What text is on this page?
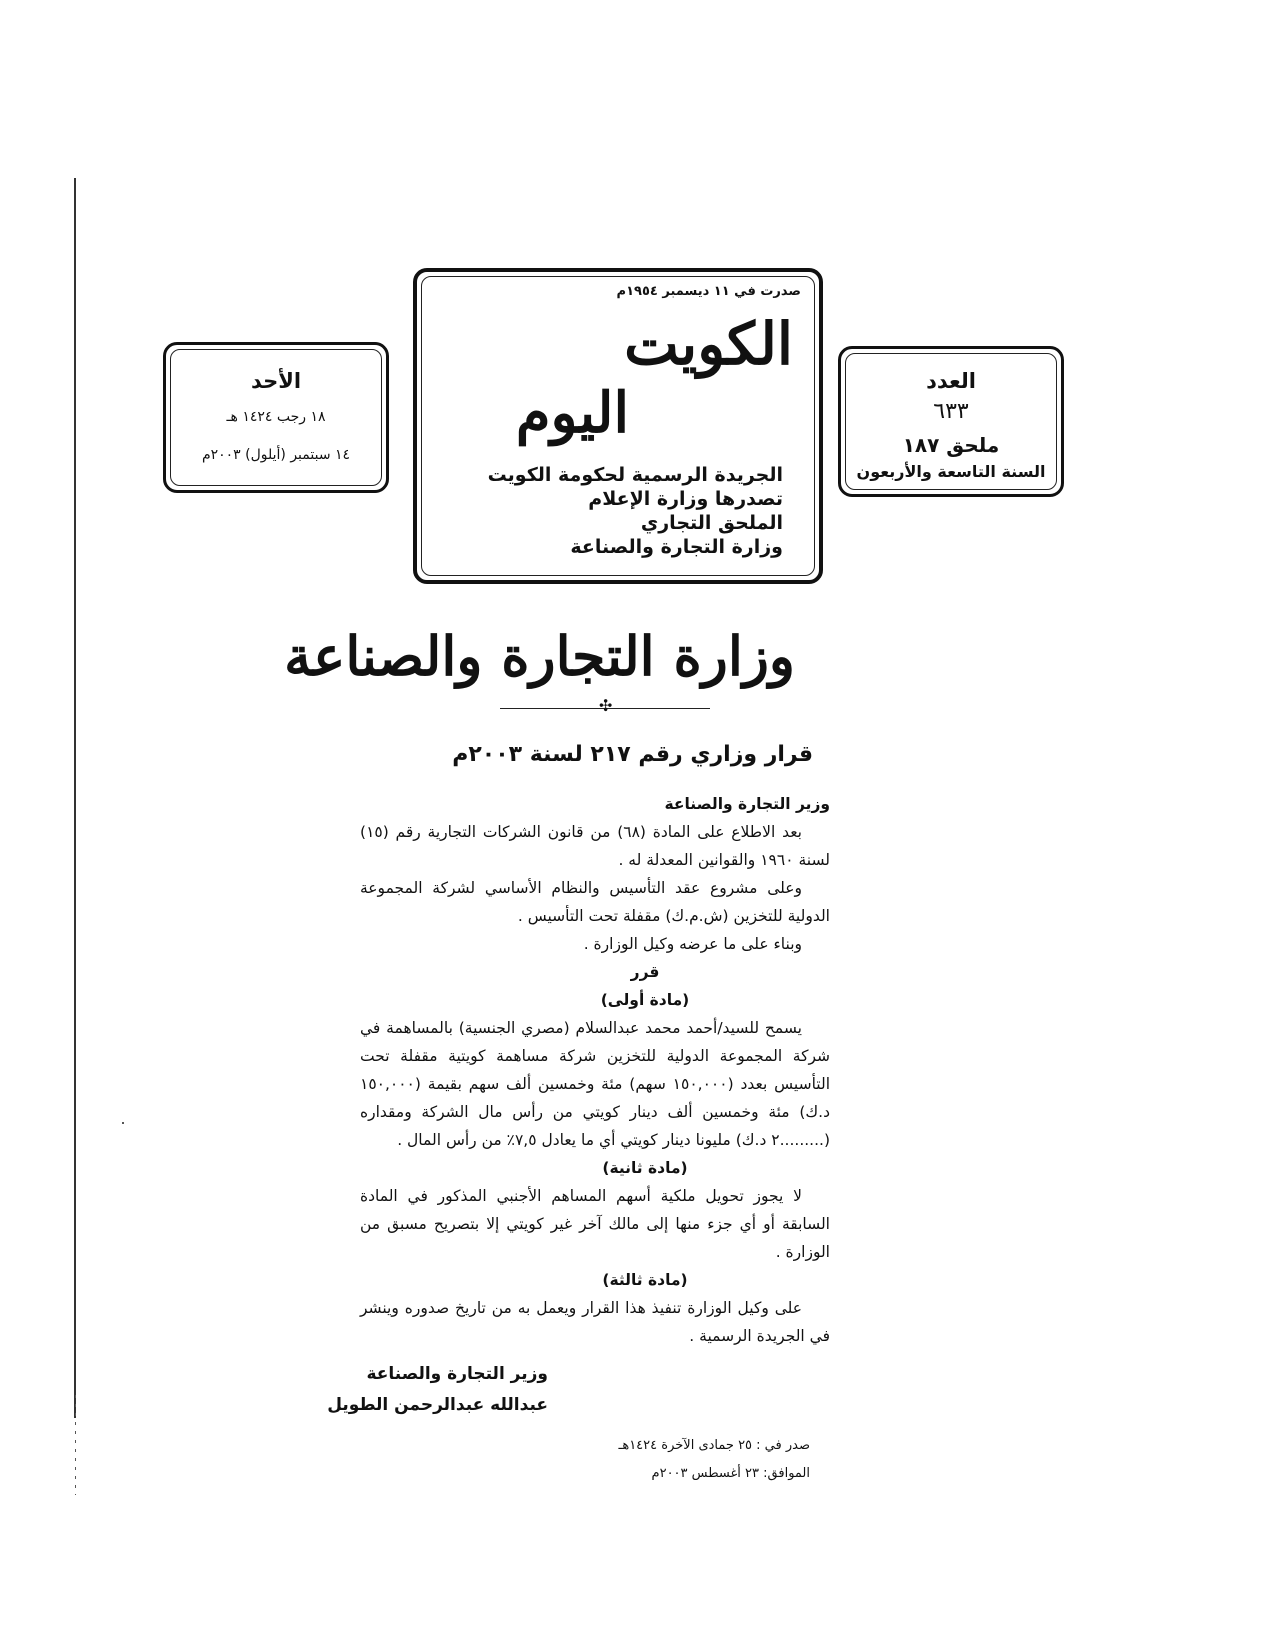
الأحد
١٨ رجب ١٤٢٤ هـ
١٤ سبتمبر (أيلول) ٢٠٠٣م
العدد
٦٣٣
ملحق ١٨٧
السنة التاسعة والأربعون
صدرت في ١١ ديسمبر ١٩٥٤م
الكويت
اليوم
الجريدة الرسمية لحكومة الكويت
تصدرها وزارة الإعلام
الملحق التجاري
وزارة التجارة والصناعة
وزارة التجارة والصناعة
✣
قرار وزاري رقم ٢١٧ لسنة ٢٠٠٣م

وزير التجارة والصناعة

بعد الاطلاع على المادة (٦٨) من قانون الشركات التجارية رقم (١٥) لسنة ١٩٦٠ والقوانين المعدلة له .

وعلى مشروع عقد التأسيس والنظام الأساسي لشركة المجموعة الدولية للتخزين (ش.م.ك) مقفلة تحت التأسيس .

وبناء على ما عرضه وكيل الوزارة .

قرر

(مادة أولى)

يسمح للسيد/أحمد محمد عبدالسلام (مصري الجنسية) بالمساهمة في شركة المجموعة الدولية للتخزين شركة مساهمة كويتية مقفلة تحت التأسيس بعدد (١٥٠,٠٠٠ سهم) مئة وخمسين ألف سهم بقيمة (١٥٠,٠٠٠ د.ك) مئة وخمسين ألف دينار كويتي من رأس مال الشركة ومقداره (.........٢ د.ك) مليونا دينار كويتي أي ما يعادل ٧,٥٪ من رأس المال .

(مادة ثانية)

لا يجوز تحويل ملكية أسهم المساهم الأجنبي المذكور في المادة السابقة أو أي جزء منها إلى مالك آخر غير كويتي إلا بتصريح مسبق من الوزارة .

(مادة ثالثة)

على وكيل الوزارة تنفيذ هذا القرار ويعمل به من تاريخ صدوره وينشر في الجريدة الرسمية .

وزير التجارة والصناعة
عبدالله عبدالرحمن الطويل
صدر في : ٢٥ جمادى الآخرة ١٤٢٤هـ
الموافق: ٢٣ أغسطس ٢٠٠٣م
